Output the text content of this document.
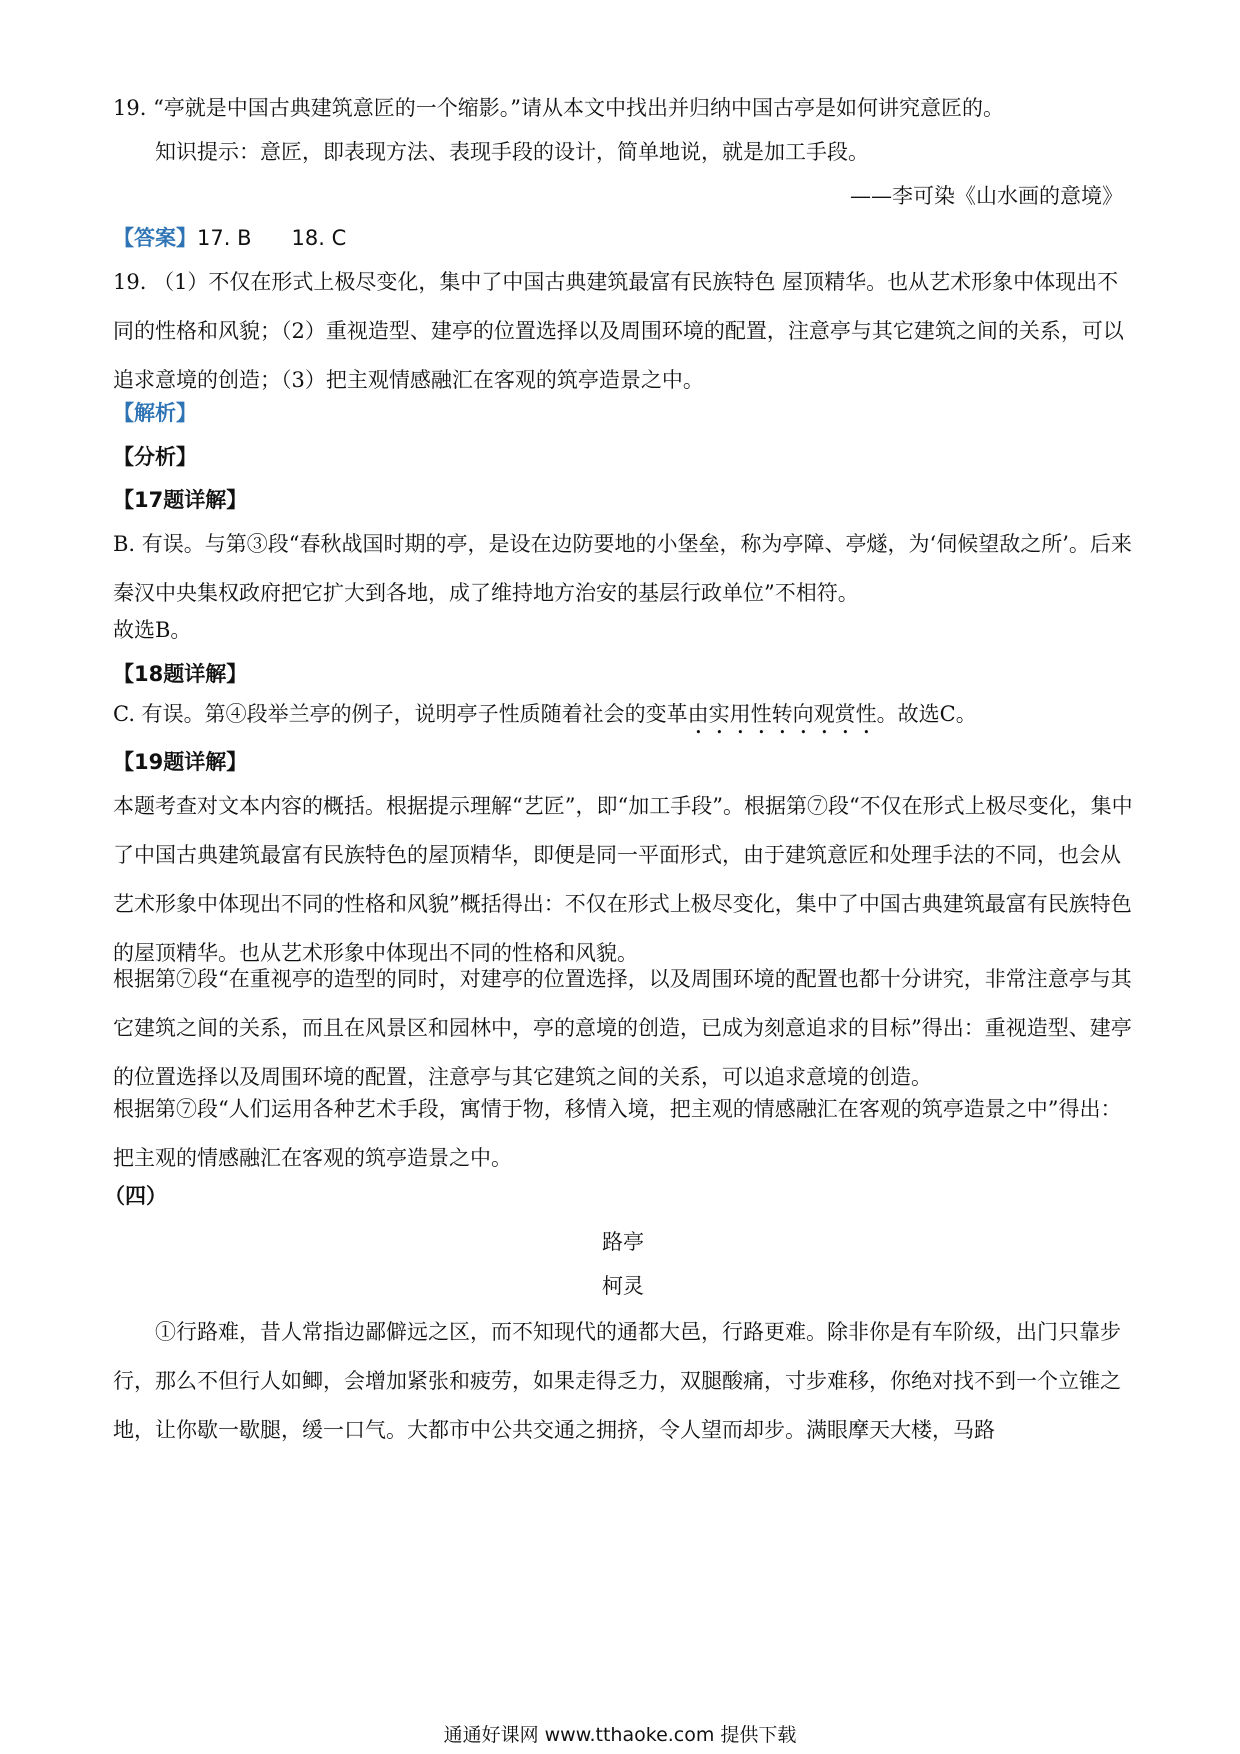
19. “亭就是中国古典建筑意匠的一个缩影。”请从本文中找出并归纳中国古亭是如何讲究意匠的。

知识提示：意匠，即表现方法、表现手段的设计，简单地说，就是加工手段。

——李可染《山水画的意境》

【答案】17. B      18. C

19. （1）不仅在形式上极尽变化，集中了中国古典建筑最富有民族特色 屋顶精华。也从艺术形象中体现出不同的性格和风貌；（2）重视造型、建亭的位置选择以及周围环境的配置，注意亭与其它建筑之间的关系，可以追求意境的创造；（3）把主观情感融汇在客观的筑亭造景之中。

【解析】

【分析】

【17题详解】

B. 有误。与第③段“春秋战国时期的亭，是设在边防要地的小堡垒，称为亭障、亭燧，为‘伺候望敌之所’。后来秦汉中央集权政府把它扩大到各地，成了维持地方治安的基层行政单位”不相符。

故选B。

【18题详解】

C. 有误。第④段举兰亭的例子，说明亭子性质随着社会的变革由实用性转向观赏性。故选C。

【19题详解】

本题考查对文本内容的概括。根据提示理解“艺匠”，即“加工手段”。根据第⑦段“不仅在形式上极尽变化，集中了中国古典建筑最富有民族特色的屋顶精华，即便是同一平面形式，由于建筑意匠和处理手法的不同，也会从艺术形象中体现出不同的性格和风貌”概括得出：不仅在形式上极尽变化，集中了中国古典建筑最富有民族特色的屋顶精华。也从艺术形象中体现出不同的性格和风貌。

根据第⑦段“在重视亭的造型的同时，对建亭的位置选择，以及周围环境的配置也都十分讲究，非常注意亭与其它建筑之间的关系，而且在风景区和园林中，亭的意境的创造，已成为刻意追求的目标”得出：重视造型、建亭的位置选择以及周围环境的配置，注意亭与其它建筑之间的关系，可以追求意境的创造。

根据第⑦段“人们运用各种艺术手段，寓情于物，移情入境，把主观的情感融汇在客观的筑亭造景之中”得出：把主观的情感融汇在客观的筑亭造景之中。

（四）

路亭

柯灵

①行路难，昔人常指边鄙僻远之区，而不知现代的通都大邑，行路更难。除非你是有车阶级，出门只靠步行，那么不但行人如鲫，会增加紧张和疲劳，如果走得乏力，双腿酸痛，寸步难移，你绝对找不到一个立锥之地，让你歇一歇腿，缓一口气。大都市中公共交通之拥挤，令人望而却步。满眼摩天大楼，马路

通通好课网 www.tthaoke.com 提供下载
